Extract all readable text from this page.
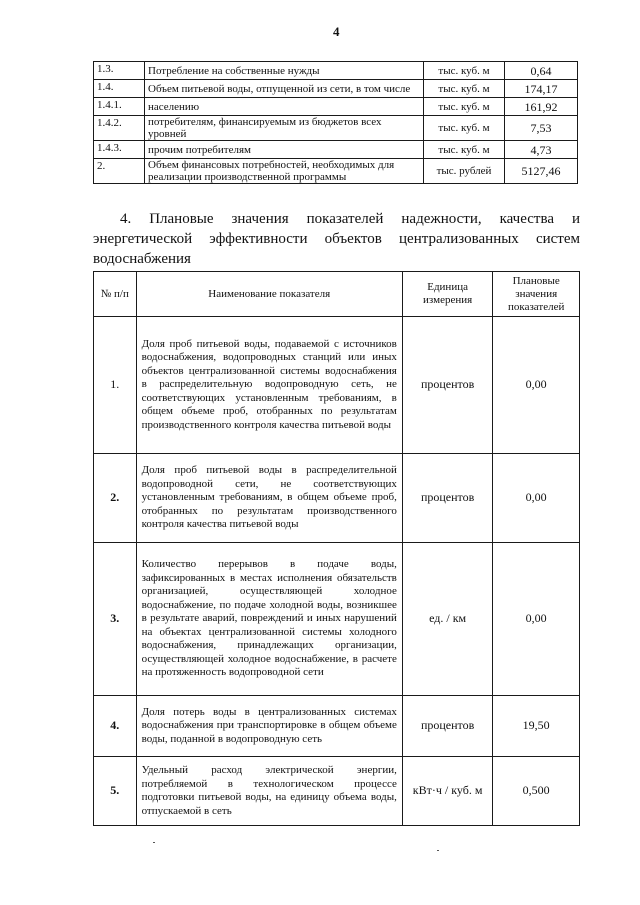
4
1.3.	Потребление на собственные нужды	тыс. куб. м	0,64
1.4.	Объем питьевой воды, отпущенной из сети, в том числе	тыс. куб. м	174,17
1.4.1.	населению	тыс. куб. м	161,92
1.4.2.	потребителям, финансируемым из бюджетов всех уровней	тыс. куб. м	7,53
1.4.3.	прочим потребителям	тыс. куб. м	4,73
2.	Объем финансовых потребностей, необходимых для реализации производственной программы	тыс. рублей	5127,46
4. Плановые значения показателей надежности, качества и энергетической эффективности объектов централизованных систем водоснабжения
№ п/п	Наименование показателя	Единица измерения	Плановые значения показателей
1.	Доля проб питьевой воды, подаваемой с источников водоснабжения, водопроводных станций или иных объектов централизованной системы водоснабжения в распределительную водопроводную сеть, не соответствующих установленным требованиям, в общем объеме проб, отобранных по результатам производственного контроля качества питьевой воды	процентов	0,00
2.	Доля проб питьевой воды в распределительной водопроводной сети, не соответствующих установленным требованиям, в общем объеме проб, отобранных по результатам производственного контроля качества питьевой воды	процентов	0,00
3.	Количество перерывов в подаче воды, зафиксированных в местах исполнения обязательств организацией, осуществляющей холодное водоснабжение, по подаче холодной воды, возникшее в результате аварий, повреждений и иных нарушений на объектах централизованной системы холодного водоснабжения, принадлежащих организации, осуществляющей холодное водоснабжение, в расчете на протяженность водопроводной сети	ед. / км	0,00
4.	Доля потерь воды в централизованных системах водоснабжения при транспортировке в общем объеме воды, поданной в водопроводную сеть	процентов	19,50
5.	Удельный расход электрической энергии, потребляемой в технологическом процессе подготовки питьевой воды, на единицу объема воды, отпускаемой в сеть	кВт·ч / куб. м	0,500
